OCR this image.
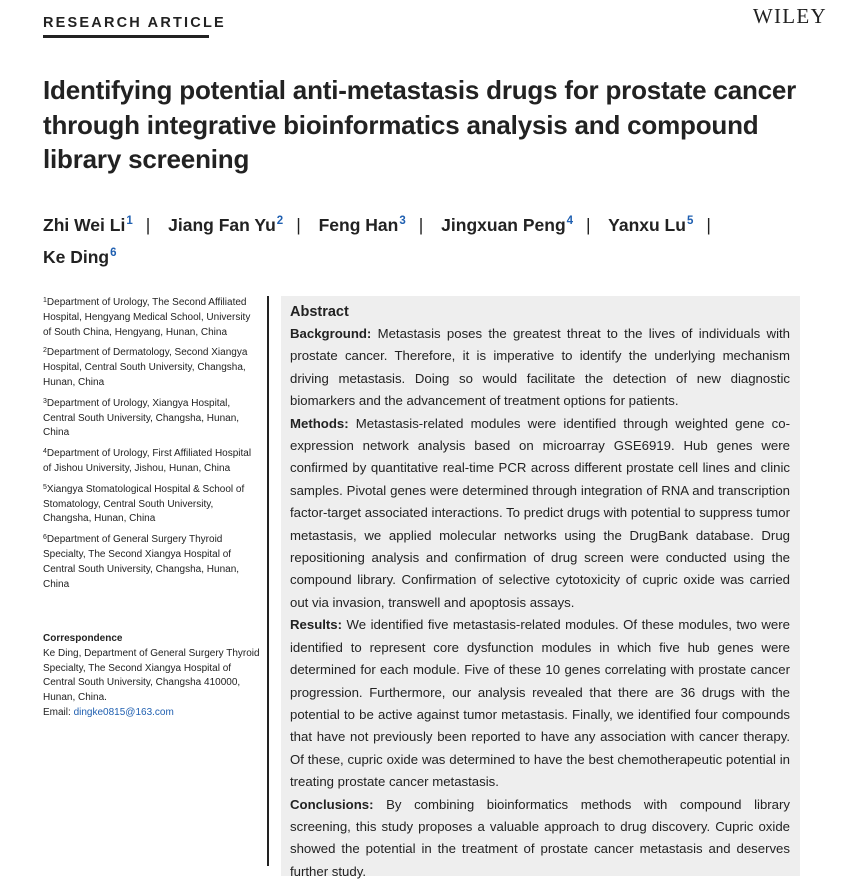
RESEARCH ARTICLE	WILEY
Identifying potential anti-metastasis drugs for prostate cancer through integrative bioinformatics analysis and compound library screening
Zhi Wei Li$^1$ | Jiang Fan Yu$^2$ | Feng Han$^3$ | Jingxuan Peng$^4$ | Yanxu Lu$^5$ |
Ke Ding$^6$

$^1$Department of Urology, The Second Affiliated Hospital, Hengyang Medical School, University of South China, Hengyang, Hunan, China

$^2$Department of Dermatology, Second Xiangya Hospital, Central South University, Changsha, Hunan, China

$^3$Department of Urology, Xiangya Hospital, Central South University, Changsha, Hunan, China

$^4$Department of Urology, First Affiliated Hospital of Jishou University, Jishou, Hunan, China

$^5$Xiangya Stomatological Hospital & School of Stomatology, Central South University, Changsha, Hunan, China

$^6$Department of General Surgery Thyroid Specialty, The Second Xiangya Hospital of Central South University, Changsha, Hunan, China

Correspondence
Ke Ding, Department of General Surgery Thyroid Specialty, The Second Xiangya Hospital of Central South University, Changsha 410000, Hunan, China.
Email: dingke0815@163.com
Abstract

Background: Metastasis poses the greatest threat to the lives of individuals with prostate cancer. Therefore, it is imperative to identify the underlying mechanism driving metastasis. Doing so would facilitate the detection of new diagnostic biomarkers and the advancement of treatment options for patients.

Methods: Metastasis-related modules were identified through weighted gene co-expression network analysis based on microarray GSE6919. Hub genes were confirmed by quantitative real-time PCR across different prostate cell lines and clinic samples. Pivotal genes were determined through integration of RNA and transcription factor-target associated interactions. To predict drugs with potential to suppress tumor metastasis, we applied molecular networks using the DrugBank database. Drug repositioning analysis and confirmation of drug screen were conducted using the compound library. Confirmation of selective cytotoxicity of cupric oxide was carried out via invasion, transwell and apoptosis assays.

Results: We identified five metastasis-related modules. Of these modules, two were identified to represent core dysfunction modules in which five hub genes were determined for each module. Five of these 10 genes correlating with prostate cancer progression. Furthermore, our analysis revealed that there are 36 drugs with the potential to be active against tumor metastasis. Finally, we identified four compounds that have not previously been reported to have any association with cancer therapy. Of these, cupric oxide was determined to have the best chemotherapeutic potential in treating prostate cancer metastasis.

Conclusions: By combining bioinformatics methods with compound library screening, this study proposes a valuable approach to drug discovery. Cupric oxide showed the potential in the treatment of prostate cancer metastasis and deserves further study.
